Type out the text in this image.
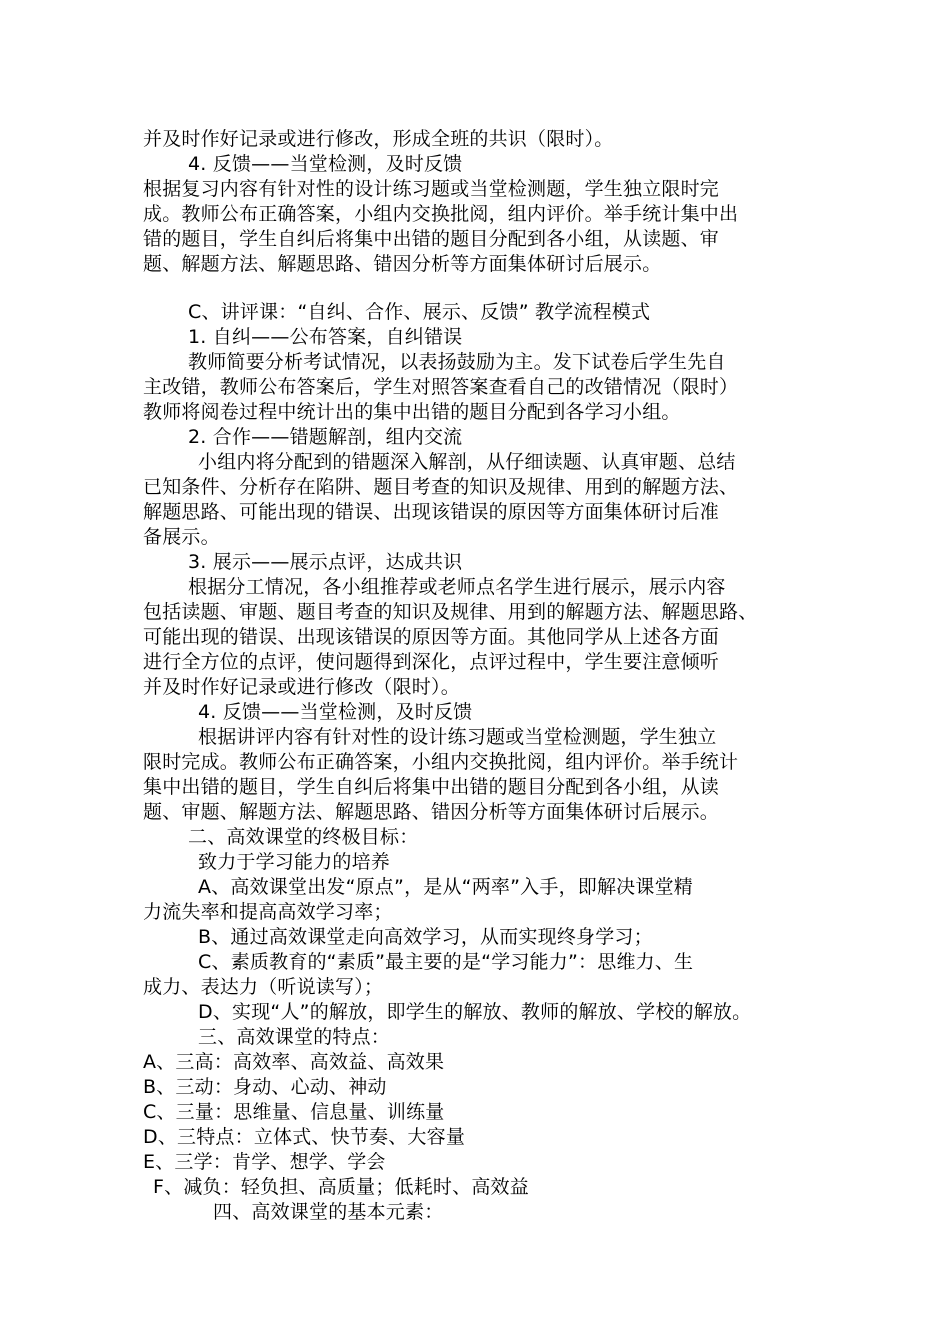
并及时作好记录或进行修改，形成全班的共识（限时）。
4. 反馈——当堂检测，及时反馈
根据复习内容有针对性的设计练习题或当堂检测题，学生独立限时完
成。教师公布正确答案，小组内交换批阅，组内评价。举手统计集中出
错的题目，学生自纠后将集中出错的题目分配到各小组，从读题、审
题、解题方法、解题思路、错因分析等方面集体研讨后展示。
C、讲评课：“自纠、合作、展示、反馈” 教学流程模式
1. 自纠——公布答案，自纠错误
教师简要分析考试情况，以表扬鼓励为主。发下试卷后学生先自
主改错，教师公布答案后，学生对照答案查看自己的改错情况（限时）
教师将阅卷过程中统计出的集中出错的题目分配到各学习小组。
2. 合作——错题解剖，组内交流
小组内将分配到的错题深入解剖，从仔细读题、认真审题、总结
已知条件、分析存在陷阱、题目考查的知识及规律、用到的解题方法、
解题思路、可能出现的错误、出现该错误的原因等方面集体研讨后准
备展示。
3. 展示——展示点评，达成共识
根据分工情况，各小组推荐或老师点名学生进行展示，展示内容
包括读题、审题、题目考查的知识及规律、用到的解题方法、解题思路、
可能出现的错误、出现该错误的原因等方面。其他同学从上述各方面
进行全方位的点评，使问题得到深化，点评过程中，学生要注意倾听
并及时作好记录或进行修改（限时）。
4. 反馈——当堂检测，及时反馈
根据讲评内容有针对性的设计练习题或当堂检测题，学生独立
限时完成。教师公布正确答案，小组内交换批阅，组内评价。举手统计
集中出错的题目，学生自纠后将集中出错的题目分配到各小组，从读
题、审题、解题方法、解题思路、错因分析等方面集体研讨后展示。
二、高效课堂的终极目标：
致力于学习能力的培养
A、高效课堂出发“原点”，是从“两率”入手，即解决课堂精
力流失率和提高高效学习率；
B、通过高效课堂走向高效学习，从而实现终身学习；
C、素质教育的“素质”最主要的是“学习能力”：思维力、生
成力、表达力（听说读写）；
D、实现“人”的解放，即学生的解放、教师的解放、学校的解放。
三、高效课堂的特点：
A、三高：高效率、高效益、高效果
B、三动：身动、心动、神动
C、三量：思维量、信息量、训练量
D、三特点：立体式、快节奏、大容量
E、三学：肯学、想学、学会
F、减负：轻负担、高质量；低耗时、高效益
四、高效课堂的基本元素：
